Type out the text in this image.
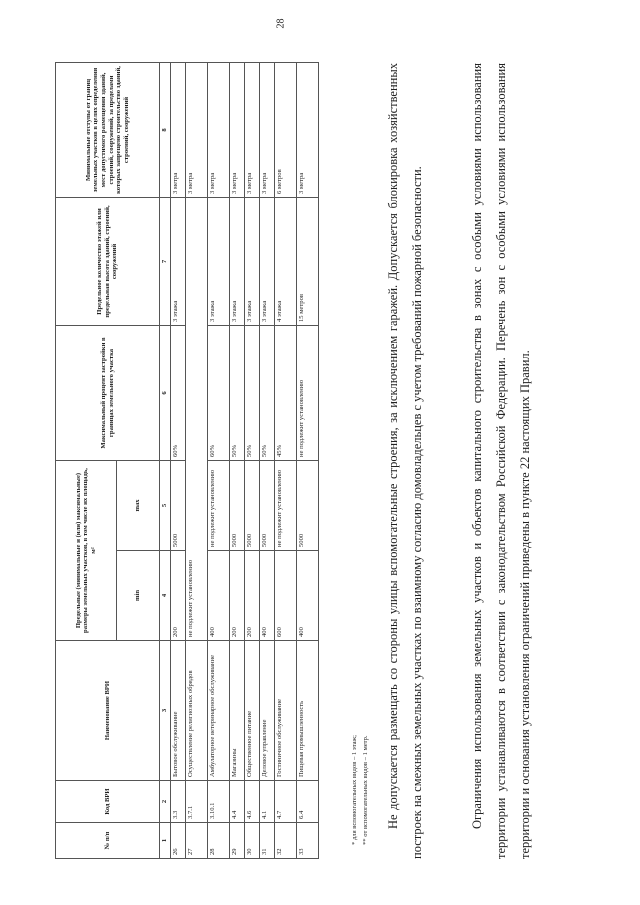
28
№ п/п	Код ВРИ	Наименование ВРИ	Предельные (минимальные и (или) максимальные) размеры земельных участков, в том числе их площадь, м²		Максимальный процент застройки в границах земельного участка	Предельное количество этажей или предельная высота зданий, строений, сооружений	Минимальные отступы от границ земельных участков в целях определения мест допустимого размещения зданий, строений, сооружений, за пределами которых запрещено строительство зданий, строений, сооружений
			min	max			
1	2	3	4	5	6	7	8
26	3.3	Бытовое обслуживание	200	5000	60%	3 этажа	3 метра
27	3.7.1	Осуществление религиозных обрядов	не подлежит установлению				3 метра
28	3.10.1	Амбулаторное ветеринарное обслуживание	400	не подлежит установлению	60%	3 этажа	3 метра
29	4.4	Магазины	200	5000	50%	3 этажа	3 метра
30	4.6	Общественное питание	200	5000	50%	3 этажа	3 метра
31	4.1	Деловое управление	400	5000	50%	3 этажа	3 метра
32	4.7	Гостиничное обслуживание	600	не подлежит установлению	45%	4 этажа	6 метров
33	6.4	Пищевая промышленность	400	5000	не подлежит установлению	15 метров	3 метра
* для вспомогательных видов – 1 этаж; ** от вспомогательных видов – 1 метр.	Не допускается размещать со стороны улицы вспомогательные строения, за исключением гаражей. Допускается блокировка хозяйственных построек на смежных земельных участках по взаимному согласию домовладельцев с учетом требований пожарной безопасности.	Ограничения использования земельных участков и объектов капитального строительства в зонах с особыми условиями использования территории устанавливаются в соответствии с законодательством Российской Федерации. Перечень зон с особыми условиями использования территории и основания установления ограничений приведены в пункте 22 настоящих Правил.
